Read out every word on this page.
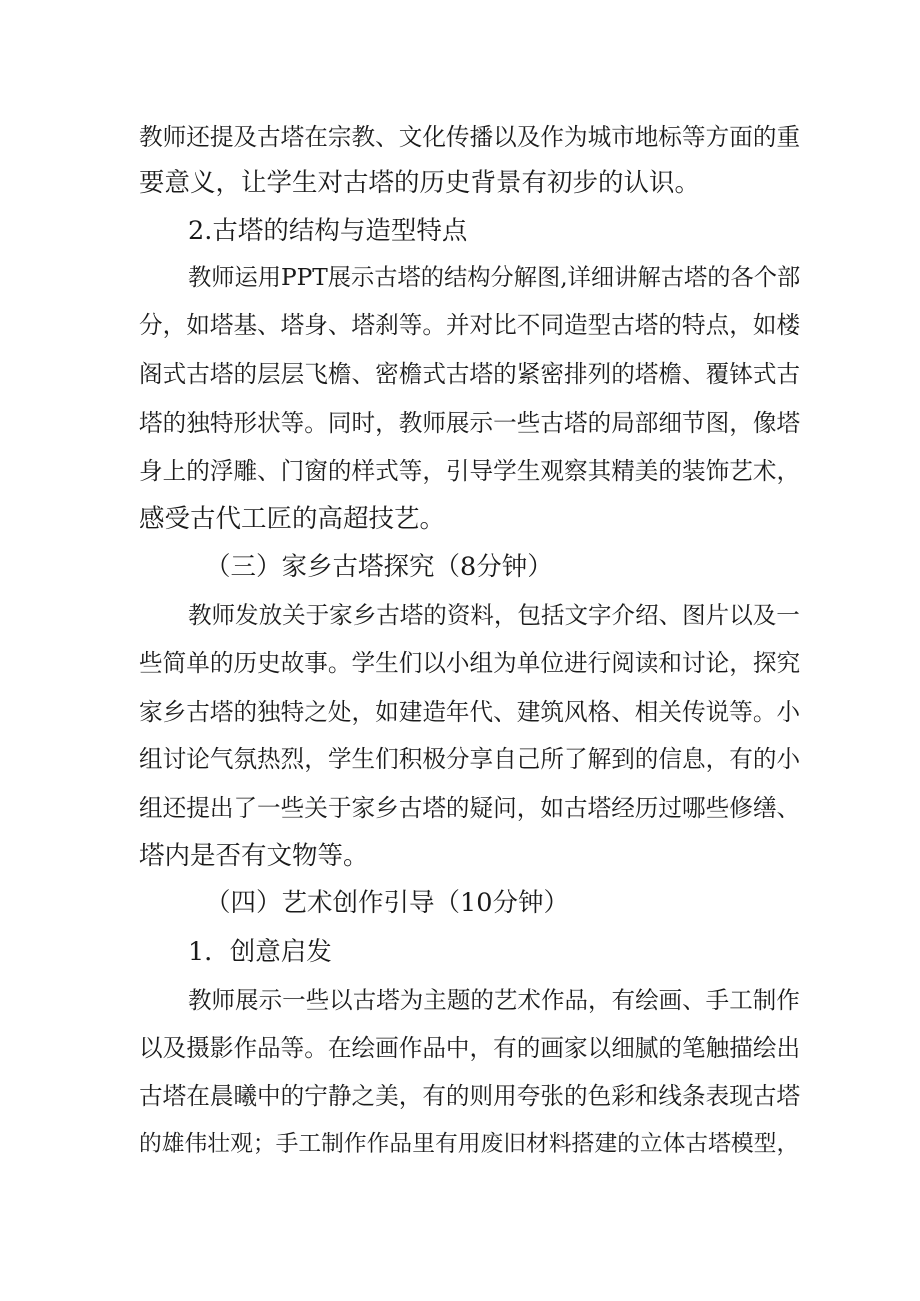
教师还提及古塔在宗教、文化传播以及作为城市地标等方面的重
要意义，让学生对古塔的历史背景有初步的认识。
2.古塔的结构与造型特点
教师运用PPT展示古塔的结构分解图,详细讲解古塔的各个部
分，如塔基、塔身、塔刹等。并对比不同造型古塔的特点，如楼
阁式古塔的层层飞檐、密檐式古塔的紧密排列的塔檐、覆钵式古
塔的独特形状等。同时，教师展示一些古塔的局部细节图，像塔
身上的浮雕、门窗的样式等，引导学生观察其精美的装饰艺术，
感受古代工匠的高超技艺。
（三）家乡古塔探究（8分钟）
教师发放关于家乡古塔的资料，包括文字介绍、图片以及一
些简单的历史故事。学生们以小组为单位进行阅读和讨论，探究
家乡古塔的独特之处，如建造年代、建筑风格、相关传说等。小
组讨论气氛热烈，学生们积极分享自己所了解到的信息，有的小
组还提出了一些关于家乡古塔的疑问，如古塔经历过哪些修缮、
塔内是否有文物等。
（四）艺术创作引导（10分钟）
1．创意启发
教师展示一些以古塔为主题的艺术作品，有绘画、手工制作
以及摄影作品等。在绘画作品中，有的画家以细腻的笔触描绘出
古塔在晨曦中的宁静之美，有的则用夸张的色彩和线条表现古塔
的雄伟壮观；手工制作作品里有用废旧材料搭建的立体古塔模型，
